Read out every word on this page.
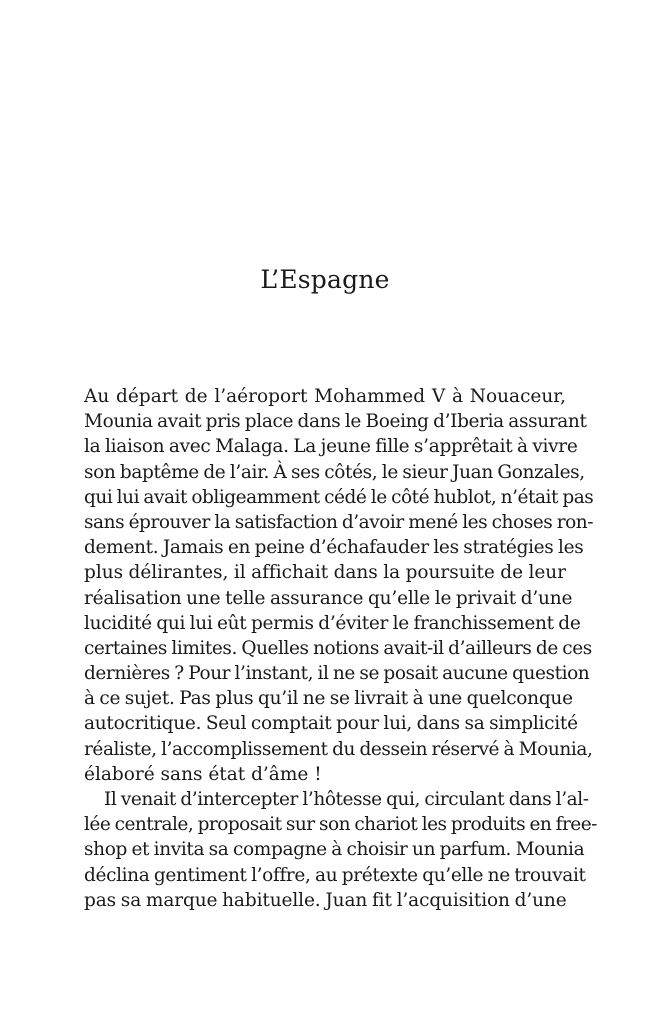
L’Espagne
Au départ de l’aéroport Mohammed V à Nouaceur,
Mounia avait pris place dans le Boeing d’Iberia assurant
la liaison avec Malaga. La jeune fille s’apprêtait à vivre
son baptême de l’air. À ses côtés, le sieur Juan Gonzales,
qui lui avait obligeamment cédé le côté hublot, n’était pas
sans éprouver la satisfaction d’avoir mené les choses ron-
dement. Jamais en peine d’échafauder les stratégies les
plus délirantes, il affichait dans la poursuite de leur
réalisation une telle assurance qu’elle le privait d’une
lucidité qui lui eût permis d’éviter le franchissement de
certaines limites. Quelles notions avait-il d’ailleurs de ces
dernières ? Pour l’instant, il ne se posait aucune question
à ce sujet. Pas plus qu’il ne se livrait à une quelconque
autocritique. Seul comptait pour lui, dans sa simplicité
réaliste, l’accomplissement du dessein réservé à Mounia,
élaboré sans état d’âme !
Il venait d’intercepter l’hôtesse qui, circulant dans l’al-
lée centrale, proposait sur son chariot les produits en free-
shop et invita sa compagne à choisir un parfum. Mounia
déclina gentiment l’offre, au prétexte qu’elle ne trouvait
pas sa marque habituelle. Juan fit l’acquisition d’une
